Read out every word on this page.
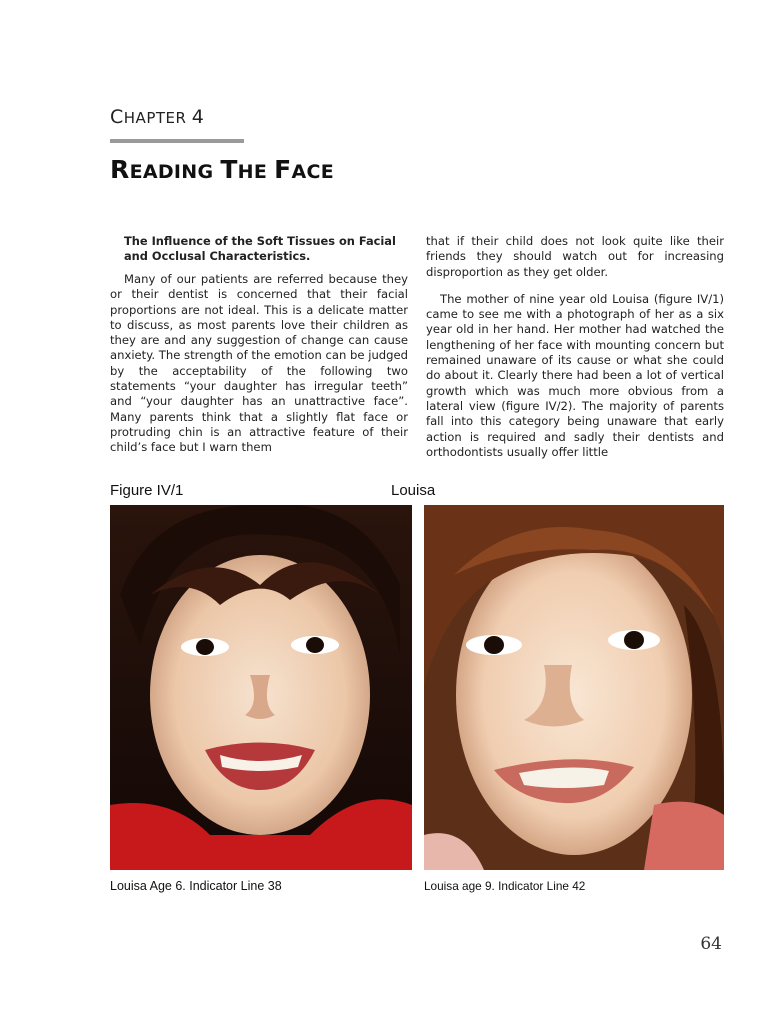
CHAPTER 4
READING THE FACE

The Influence of the Soft Tissues on Facial and Occlusal Characteristics.

Many of our patients are referred because they or their dentist is concerned that their facial proportions are not ideal. This is a delicate matter to discuss, as most parents love their children as they are and any suggestion of change can cause anxiety. The strength of the emotion can be judged by the acceptability of the following two statements “your daughter has irregular teeth” and “your daughter has an unattractive face”. Many parents think that a slightly flat face or protruding chin is an attractive feature of their child’s face but I warn them

that if their child does not look quite like their friends they should watch out for increasing disproportion as they get older.

The mother of nine year old Louisa (figure IV/1) came to see me with a photograph of her as a six year old in her hand. Her mother had watched the lengthening of her face with mounting concern but remained unaware of its cause or what she could do about it. Clearly there had been a lot of vertical growth which was much more obvious from a lateral view (figure IV/2). The majority of parents fall into this category being unaware that early action is required and sadly their dentists and orthodontists usually offer little

Figure IV/1	Louisa
Louisa Age 6. Indicator Line 38	Louisa age 9. Indicator Line 42
64
